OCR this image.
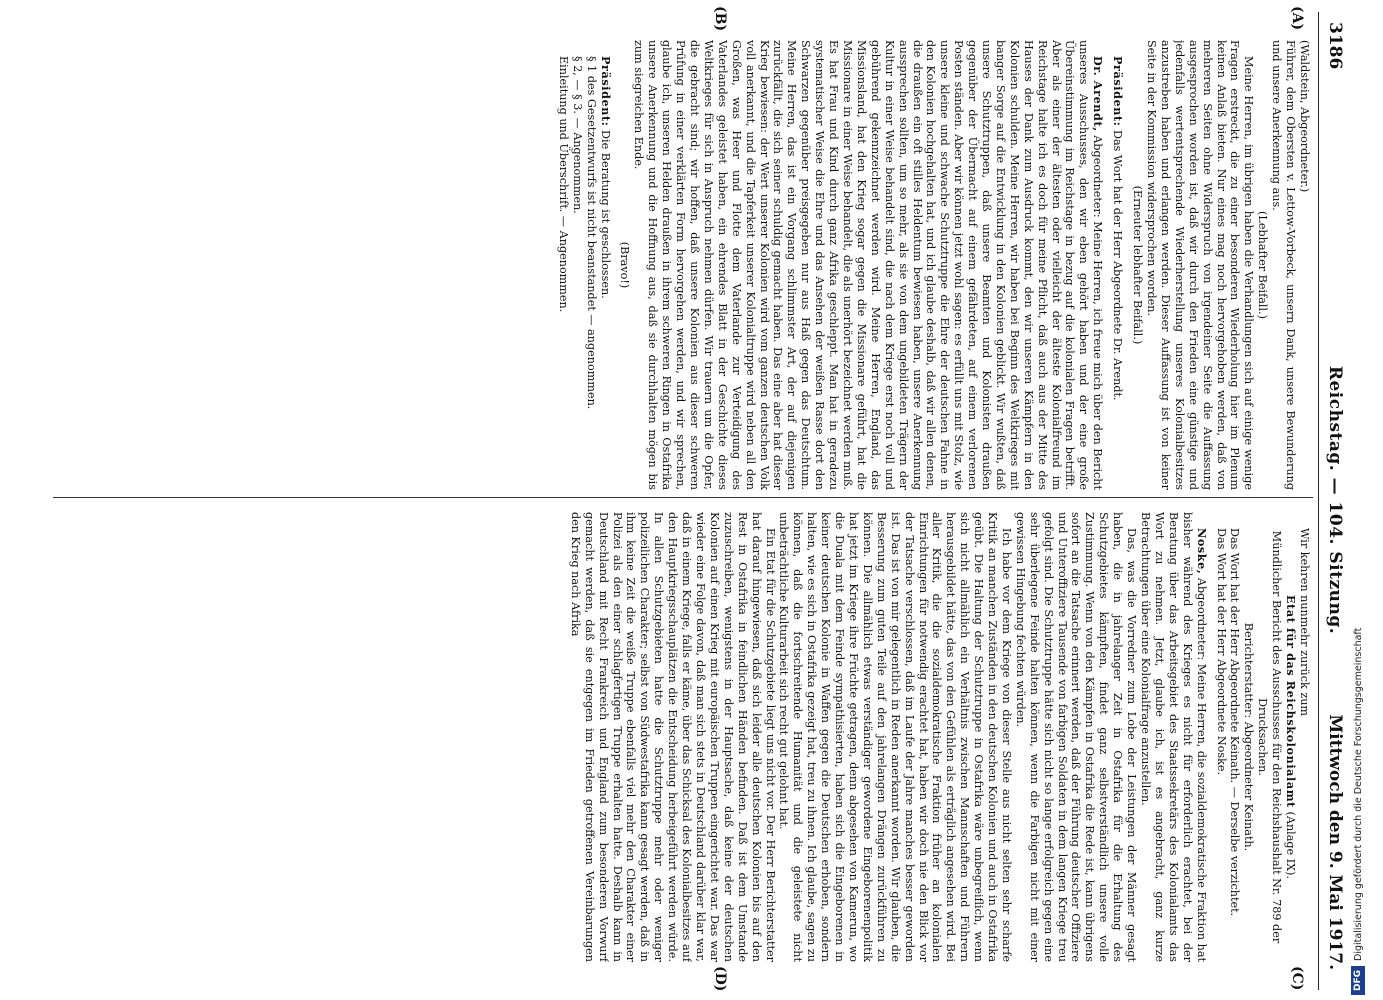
3186
Reichstag. — 104. Sitzung.
Mittwoch den 9. Mai 1917.
(A)
(B)
(C)
(D)

(Waldstein, Abgeordneter.)

Führer, dem Obersten v. Lettow-Vorbeck, unsern Dank, unsere Bewunderung und unsere Anerkennung aus.

(Lebhafter Beifall.)

Meine Herren, im übrigen haben die Verhandlungen sich auf einige wenige Fragen erstreckt, die zu einer besonderen Wiederholung hier im Plenum keinen Anlaß bieten. Nur eines mag noch hervorgehoben werden, daß von mehreren Seiten ohne Widerspruch von irgendeiner Seite die Auffassung ausgesprochen worden ist, daß wir durch den Frieden eine günstige und jedenfalls wertentsprechende Wiederherstellung unseres Kolonialbesitzes anzustreben haben und erlangen werden. Dieser Auffassung ist von keiner Seite in der Kommission widersprochen worden.

(Erneuter lebhafter Beifall.)

Präsident: Das Wort hat der Herr Abgeordnete Dr. Arendt.

Dr. Arendt, Abgeordneter: Meine Herren, ich freue mich über den Bericht unseres Ausschusses, den wir eben gehört haben und der eine große Übereinstimmung im Reichstage in bezug auf die kolonialen Fragen betrifft. Aber als einer der ältesten oder vielleicht der älteste Kolonialfreund im Reichstage halte ich es doch für meine Pflicht, daß auch aus der Mitte des Hauses der Dank zum Ausdruck kommt, den wir unseren Kämpfern in den Kolonien schulden. Meine Herren, wir haben bei Beginn des Weltkrieges mit banger Sorge auf die Entwicklung in den Kolonien geblickt. Wir wußten, daß unsere Schutztruppen, daß unsere Beamten und Kolonisten draußen gegenüber der Übermacht auf einem gefährdeten, auf einem verlorenen Posten ständen. Aber wir können jetzt wohl sagen: es erfüllt uns mit Stolz, wie unsere kleine und schwache Schutztruppe die Ehre der deutschen Fahne in den Kolonien hochgehalten hat, und ich glaube deshalb, daß wir allen denen, die draußen ein oft stilles Heldentum bewiesen haben, unsere Anerkennung aussprechen sollten, um so mehr, als sie von dem ungebildeten Trägern der Kultur in einer Weise behandelt sind, die nach dem Kriege erst noch voll und gebührend gekennzeichnet werden wird. Meine Herren, England, das Missionsland, hat den Krieg sogar gegen die Missionare geführt, hat die Missionare in einer Weise behandelt, die als unerhört bezeichnet werden muß. Es hat Frau und Kind durch ganz Afrika geschleppt. Man hat in geradezu systematischer Weise die Ehre und das Ansehen der weißen Rasse dort den Schwarzen gegenüber preisgegeben nur aus Haß gegen das Deutschtum. Meine Herren, das ist ein Vorgang schlimmster Art, der auf diejenigen zurückfällt, die sich seiner schuldig gemacht haben. Das eine aber hat dieser Krieg bewiesen: der Wert unserer Kolonien wird vom ganzen deutschen Volk voll anerkannt, und die Tapferkeit unserer Kolonialtruppe wird neben all den Großen, was Heer und Flotte dem Vaterlande zur Verteidigung des Vaterlandes geleistet haben, ein ehrendes Blatt in der Geschichte dieses Weltkrieges für sich in Anspruch nehmen dürfen. Wir trauern um die Opfer, die gebracht sind; wir hoffen, daß unsere Kolonien aus dieser schweren Prüfung in einer verklärten Form hervorgehen werden, und wir sprechen, glaube ich, unseren Helden draußen in ihrem schweren Ringen in Ostafrika unsere Anerkennung und die Hoffnung aus, daß sie durchhalten mögen bis zum siegreichen Ende.

(Bravo!)

Präsident: Die Beratung ist geschlossen.

§ 1 des Gesetzentwurfs ist nicht beanstandet — angenommen.

§ 2, — § 3. — Angenommen.

Einleitung und Überschrift. — Angenommen.

Wir kehren nunmehr zurück zum

Etat für das Reichskolonialamt (Anlage IX).

Mündlicher Bericht des Ausschusses für den Reichshaushalt Nr. 789 der Drucksachen.

Berichterstatter: Abgeordneter Keinath.

Das Wort hat der Herr Abgeordnete Keinath. — Derselbe verzichtet.

Das Wort hat der Herr Abgeordnete Noske.

Noske, Abgeordneter: Meine Herren, die sozialdemokratische Fraktion hat bisher während des Krieges es nicht für erforderlich erachtet, bei der Beratung über das Arbeitsgebiet des Staatssekretärs des Kolonialamts das Wort zu nehmen. Jetzt, glaube ich, ist es angebracht, ganz kurze Betrachtungen über eine Kolonialfrage anzustellen.

Das, was die Vorredner zum Lobe der Leistungen der Männer gesagt haben, die in jahrelanger Zeit in Ostafrika für die Erhaltung des Schutzgebietes kämpften, findet ganz selbstverständlich unsere volle Zustimmung. Wenn von den Kämpfen in Ostafrika die Rede ist, kann übrigens sofort an die Tatsache erinnert werden, daß der Führung deutscher Offiziere und Unteroffiziere Tausende von farbigen Soldaten in dem langen Kriege treu gefolgt sind. Die Schutztruppe hätte sich nicht so lange erfolgreich gegen eine sehr überlegene Feinde halten können, wenn die Farbigen nicht mit einer gewissen Hingebung fechten würden.

Ich habe vor dem Kriege von dieser Stelle aus nicht selten sehr scharfe Kritik an manchen Zuständen in den deutschen Kolonien und auch in Ostafrika geübt. Die Haltung der Schutztruppe in Ostafrika wäre unbegreiflich, wenn sich nicht allmählich ein Verhältnis zwischen Mannschaften und Führern herausgebildet hätte, das von den Gefühlen als erträglich angesehen wird. Bei aller Kritik, die die sozialdemokratische Fraktion früher an kolonialen Einrichtungen für notwendig erachtet hat, haben wir doch nie den Blick vor der Tatsache verschlossen, daß im Laufe der Jahre manches besser geworden ist. Das ist von mir gelegentlich in Reden anerkannt worden. Wir glauben, die Besserung zum guten Teile auf den jahrelangen Drängen zurückführen zu können. Die allmählich etwas verständiger gewordene Eingeborenenpolitik hat jetzt im Kriege ihre Früchte getragen, denn abgesehen von Kamerun, wo die Duala mit dem Feinde sympathisierten, haben sich die Eingeborenen in keiner deutschen Kolonie in Waffen gegen die Deutschen erhoben, sondern halten, wie es sich in Ostafrika gezeigt hat, treu zu ihnen. Ich glaube, sagen zu können, daß die fortschreitende Humanität und die geleistete nicht unbeträchtliche Kulturarbeit sich recht gut gelohnt hat.

Ein Etat für die Schutzgebiete liegt uns nicht vor. Der Herr Berichterstatter hat darauf hingewiesen, daß sich leider alle deutschen Kolonien bis auf den Rest in Ostafrika in feindlichen Händen befinden. Daß ist dem Umstande zuzuschreiben, wenigstens in der Hauptsache, daß keine der deutschen Kolonien auf einen Krieg mit europäischen Truppen eingerichtet war. Das war wieder eine Folge davon, daß man sich stets in Deutschland darüber klar war, daß in einem Kriege, falls er käme, über das Schicksal des Kolonialbesitzes auf den Hauptkriegsschauplätzen die Entscheidung herbeigeführt werden würde. In allen Schutzgebieten hatte die Schutztruppe mehr oder weniger polizeilichen Charakter; selbst von Südwestafrika kann gesagt werden, daß in ihm keine Zeit die weiße Truppe ebenfalls viel mehr den Charakter einer Polizei als den einer schlagfertigen Truppe erhalten hatte. Deshalb kann in Deutschland mit Recht Frankreich und England zum besonderen Vorwurf gemacht werden, daß sie entgegen im Frieden getroffenen Vereinbarungen den Krieg nach Afrika

DFG
Digitalisierung gefördert durch die Deutsche Forschungsgemeinschaft
